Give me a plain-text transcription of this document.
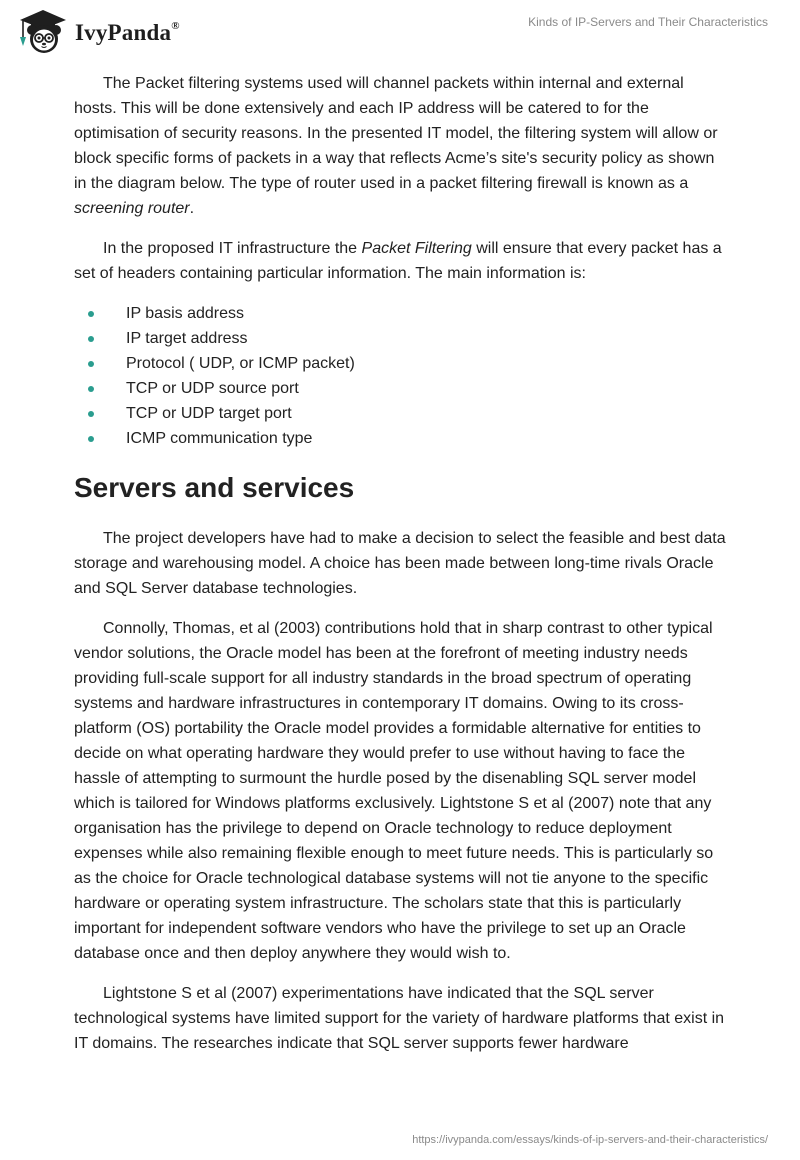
IvyPanda®	Kinds of IP-Servers and Their Characteristics

The Packet filtering systems used will channel packets within internal and external hosts. This will be done extensively and each IP address will be catered to for the optimisation of security reasons. In the presented IT model, the filtering system will allow or block specific forms of packets in a way that reflects Acme’s site's security policy as shown in the diagram below. The type of router used in a packet filtering firewall is known as a screening router.

In the proposed IT infrastructure the Packet Filtering will ensure that every packet has a set of headers containing particular information. The main information is:

IP basis address
IP target address
Protocol ( UDP, or ICMP packet)
TCP or UDP source port
TCP or UDP target port
ICMP communication type
Servers and services

The project developers have had to make a decision to select the feasible and best data storage and warehousing model. A choice has been made between long-time rivals Oracle and SQL Server database technologies.

Connolly, Thomas, et al (2003) contributions hold that in sharp contrast to other typical vendor solutions, the Oracle model has been at the forefront of meeting industry needs providing full-scale support for all industry standards in the broad spectrum of operating systems and hardware infrastructures in contemporary IT domains. Owing to its cross-platform (OS) portability the Oracle model provides a formidable alternative for entities to decide on what operating hardware they would prefer to use without having to face the hassle of attempting to surmount the hurdle posed by the disenabling SQL server model which is tailored for Windows platforms exclusively. Lightstone S et al (2007) note that any organisation has the privilege to depend on Oracle technology to reduce deployment expenses while also remaining flexible enough to meet future needs. This is particularly so as the choice for Oracle technological database systems will not tie anyone to the specific hardware or operating system infrastructure. The scholars state that this is particularly important for independent software vendors who have the privilege to set up an Oracle database once and then deploy anywhere they would wish to.

Lightstone S et al (2007) experimentations have indicated that the SQL server technological systems have limited support for the variety of hardware platforms that exist in IT domains. The researches indicate that SQL server supports fewer hardware

https://ivypanda.com/essays/kinds-of-ip-servers-and-their-characteristics/
